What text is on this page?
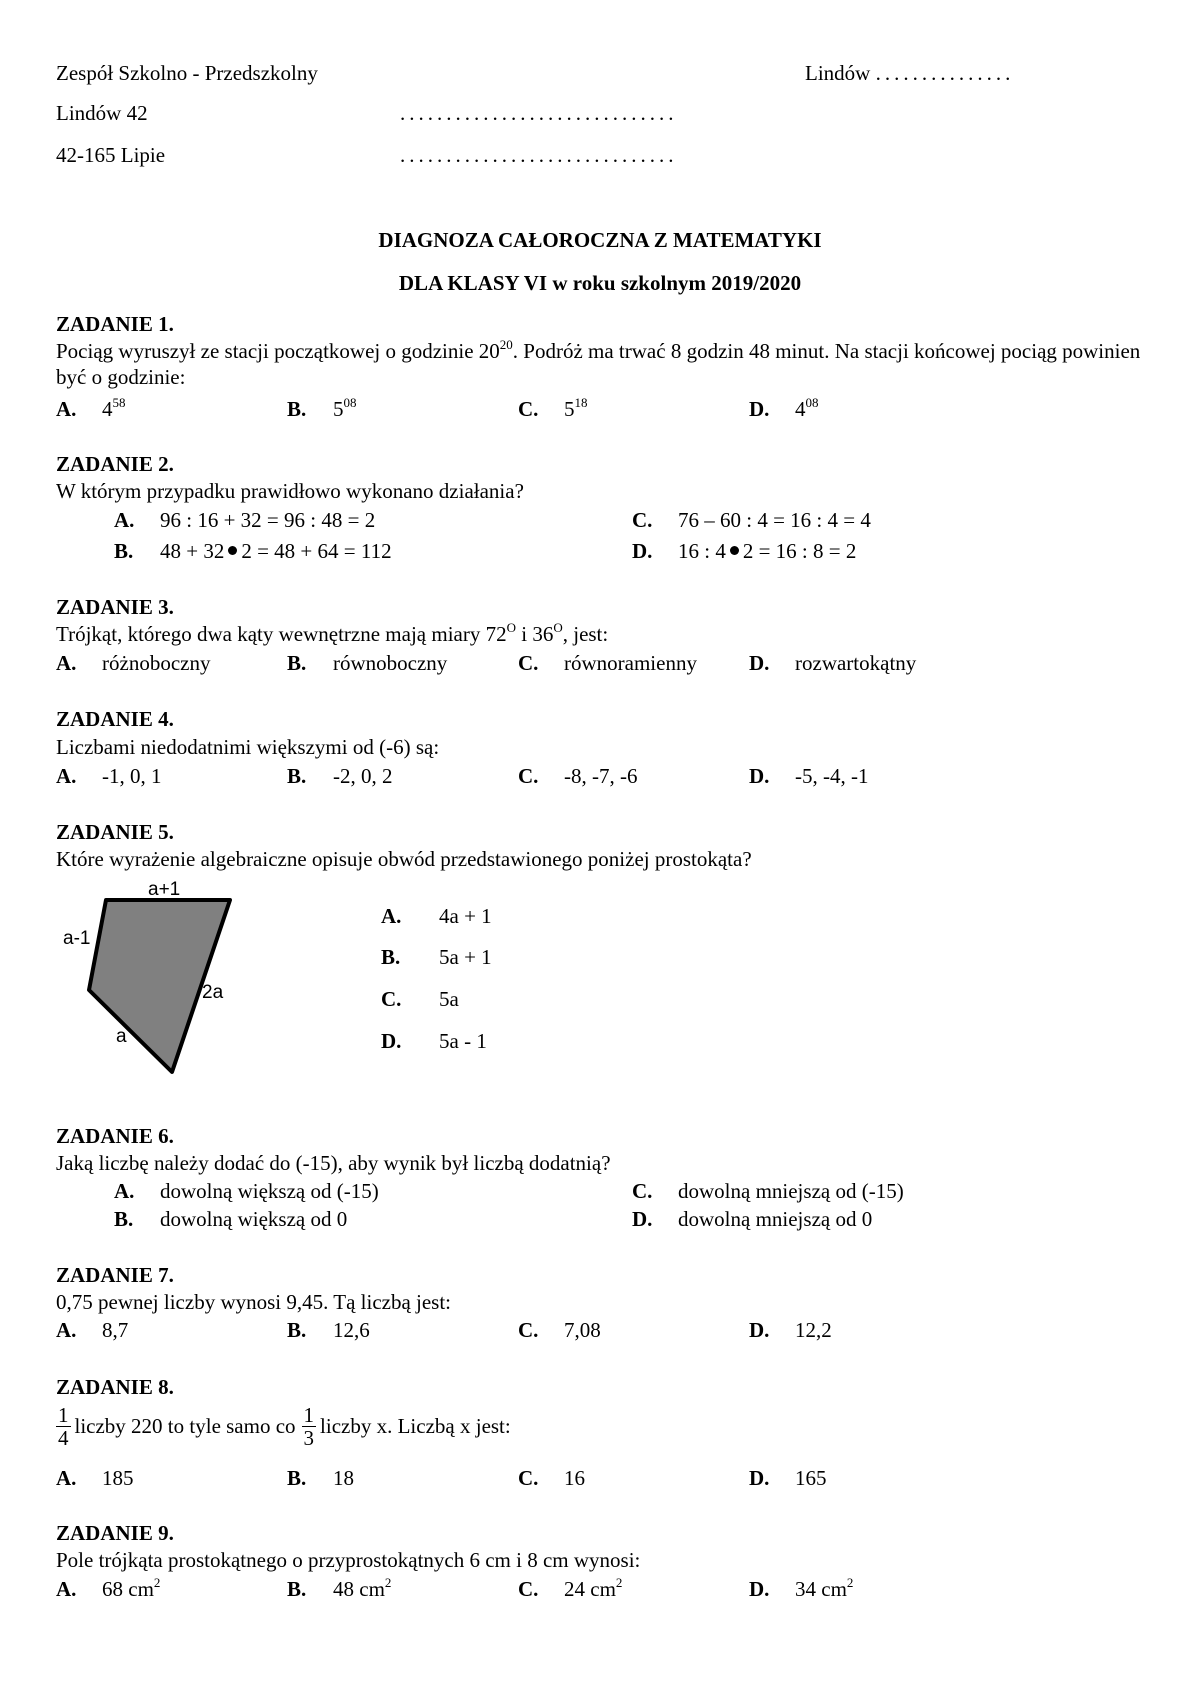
Zespół Szkolno - Przedszkolny
Lindów 42
42-165 Lipie
Lindów ...............
..............................
..............................
DIAGNOZA CAŁOROCZNA Z MATEMATYKI
DLA KLASY VI w roku szkolnym 2019/2020
ZADANIE 1.
Pociąg wyruszył ze stacji początkowej o godzinie $20^{20}$. Podróż ma trwać 8 godzin 48 minut. Na stacji końcowej pociąg powinien być o godzinie:
A. $4^{58}$	B. $5^{08}$	C. $5^{18}$	D. $4^{08}$
ZADANIE 2.
W którym przypadku prawidłowo wykonano działania?
A. 96 : 16 + 32 = 96 : 48 = 2	C. 76 – 60 : 4 = 16 : 4 = 4
B. 48 + 32 2 = 48 + 64 = 112	D. 16 : 4 2 = 16 : 8 = 2
ZADANIE 3.
Trójkąt, którego dwa kąty wewnętrzne mają miary $72^O$ i $36^O$, jest:
A. różnoboczny	B. równoboczny	C. równoramienny D. rozwartokątny
ZADANIE 4.
Liczbami niedodatnimi większymi od (-6) są:
A. -1, 0, 1	B. -2, 0, 2	C. -8, -7, -6	D. -5, -4, -1
ZADANIE 5.
Które wyrażenie algebraiczne opisuje obwód przedstawionego poniżej prostokąta?
a+1
a-1
2a
a
A. 4a + 1
B. 5a + 1
C. 5a
D. 5a - 1
ZADANIE 6.
Jaką liczbę należy dodać do (-15), aby wynik był liczbą dodatnią?
A. dowolną większą od (-15)	C. dowolną mniejszą od (-15)
B. dowolną większą od 0	D. dowolną mniejszą od 0
ZADANIE 7.
0,75 pewnej liczby wynosi 9,45. Tą liczbą jest:
A. 8,7	B. 12,6	C. 7,08	D. 12,2
ZADANIE 8.
$\frac{1}{4}$ liczby 220 to tyle samo co $\frac{1}{3}$ liczby x. Liczbą x jest:
A. 185	B. 18	C. 16	D. 165
ZADANIE 9.
Pole trójkąta prostokątnego o przyprostokątnych 6 cm i 8 cm wynosi:
A. 68 $cm^2$	B. 48 $cm^2$	C. 24 $cm^2$	D. 34 $cm^2$
